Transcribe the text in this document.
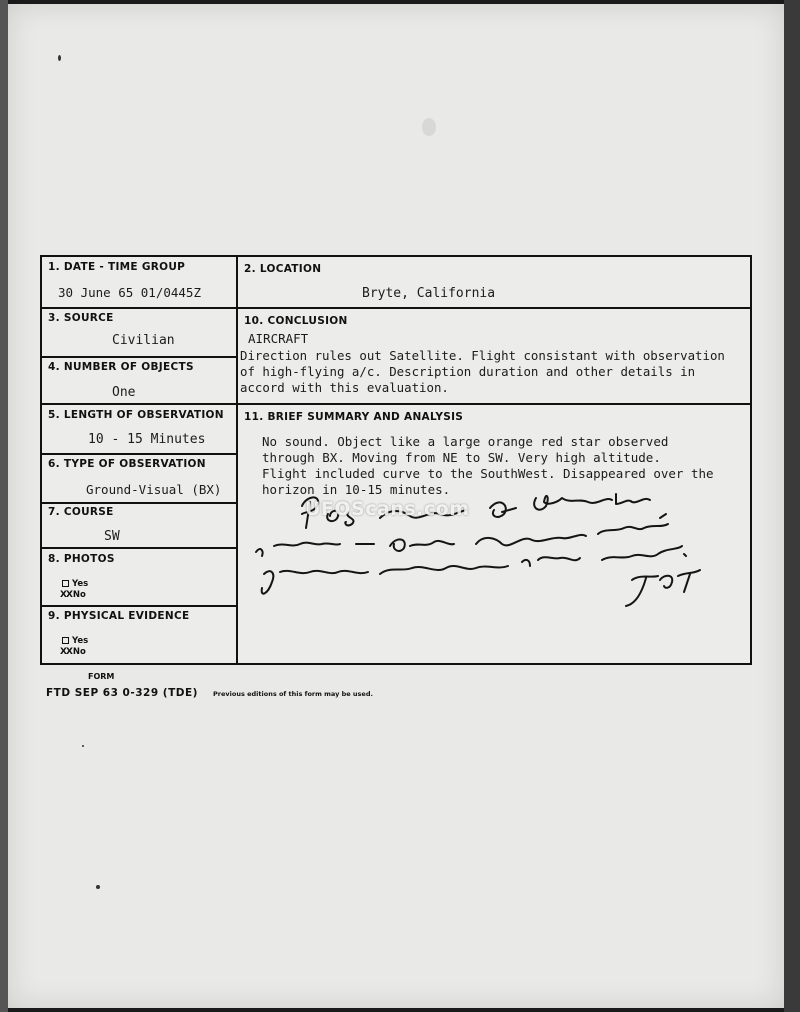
1. DATE - TIME GROUP
30 June 65 01/0445Z
2. LOCATION
Bryte, California
3. SOURCE
Civilian
4. NUMBER OF OBJECTS
One
5. LENGTH OF OBSERVATION
10 - 15 Minutes
6. TYPE OF OBSERVATION
Ground-Visual (BX)
7. COURSE
SW
8. PHOTOS
Yes
XXNo
9. PHYSICAL EVIDENCE
Yes
XXNo
10. CONCLUSION
AIRCRAFT
Direction rules out Satellite. Flight consistant with observation
of high-flying a/c. Description duration and other details in
accord with this evaluation.
11. BRIEF SUMMARY AND ANALYSIS
No sound. Object like a large orange red star observed
through BX. Moving from NE to SW. Very high altitude.
Flight included curve to the SouthWest. Disappeared over the
horizon in 10-15 minutes.
UFOScans.com
FORM
FTD SEP 63 0-329 (TDE) Previous editions of this form may be used.
